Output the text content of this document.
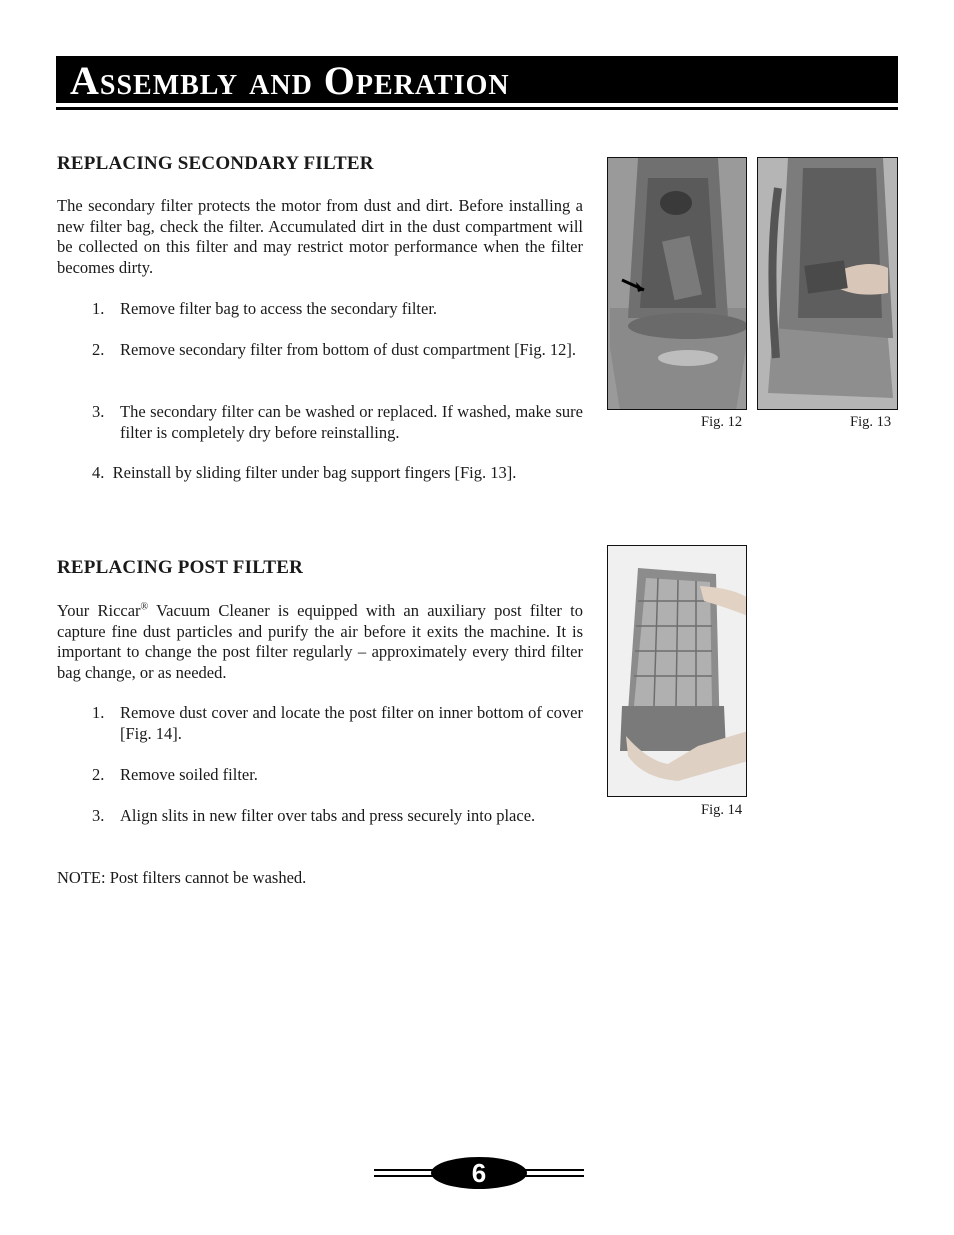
Assembly and Operation
REPLACING SECONDARY FILTER
The secondary filter protects the motor from dust and dirt. Before installing a new filter bag, check the filter. Accumulated dirt in the dust compartment will be collected on this filter and may restrict motor performance when the filter becomes dirty.
1. Remove filter bag to access the secondary filter.
2. Remove secondary filter from bottom of dust compartment [Fig. 12].
3. The secondary filter can be washed or replaced. If washed, make sure filter is completely dry before reinstalling.
4. Reinstall by sliding filter under bag support fingers [Fig. 13].
Fig. 12	Fig. 13
REPLACING POST FILTER
Your Riccar® Vacuum Cleaner is equipped with an auxiliary post filter to capture fine dust particles and purify the air before it exits the machine. It is important to change the post filter regularly – approximately every third filter bag change, or as needed.
1. Remove dust cover and locate the post filter on inner bottom of cover [Fig. 14].
2. Remove soiled filter.
3. Align slits in new filter over tabs and press securely into place.
NOTE: Post filters cannot be washed.
Fig. 14
6
